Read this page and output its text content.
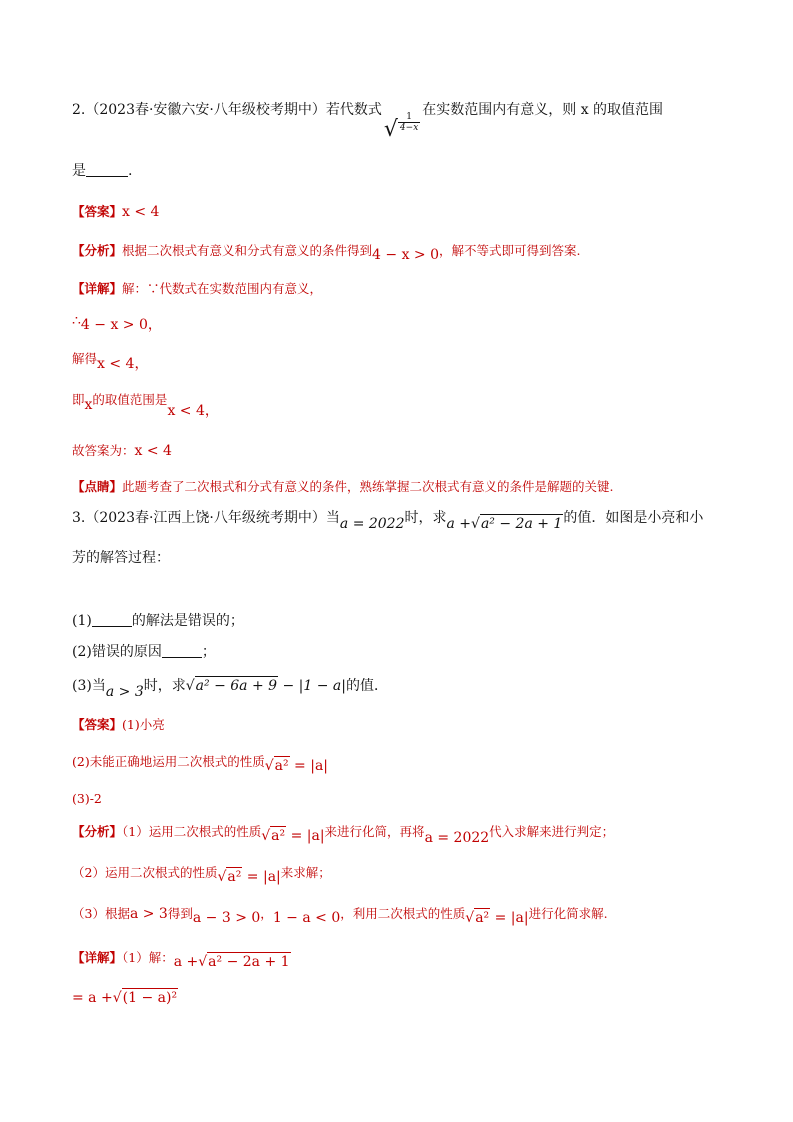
2.（2023春·安徽六安·八年级校考期中）若代数式√ $\frac{1}{4-x}$
在实数范围内有意义，则 x 的取值范围
是	.
【答案】x < 4
【分析】根据二次根式有意义和分式有意义的条件得到4 − x > 0，解不等式即可得到答案.
【详解】解：∵代数式在实数范围内有意义，
∴4 − x > 0，
解得x < 4，
即x的取值范围是x < 4，
故答案为：x < 4
【点睛】此题考查了二次根式和分式有意义的条件，熟练掌握二次根式有意义的条件是解题的关键.
3.（2023春·江西上饶·八年级统考期中）当a = 2022时，求a +√a² − 2a + 1的值．如图是小亮和小
芳的解答过程：
(1)	的解法是错误的；
(2)错误的原因	；
(3)当a > 3时，求√a² − 6a + 9 − |1 − a|的值．
【答案】(1)小亮
(2)未能正确地运用二次根式的性质√a² = |a|
(3)-2
【分析】（1）运用二次根式的性质√a² = |a|来进行化简，再将a = 2022代入求解来进行判定；
（2）运用二次根式的性质√a² = |a|来求解；
（3）根据a > 3得到a − 3 > 0，1 − a < 0，利用二次根式的性质√a² = |a|进行化简求解.
【详解】（1）解：a +√a² − 2a + 1
= a +√(1 − a)²
